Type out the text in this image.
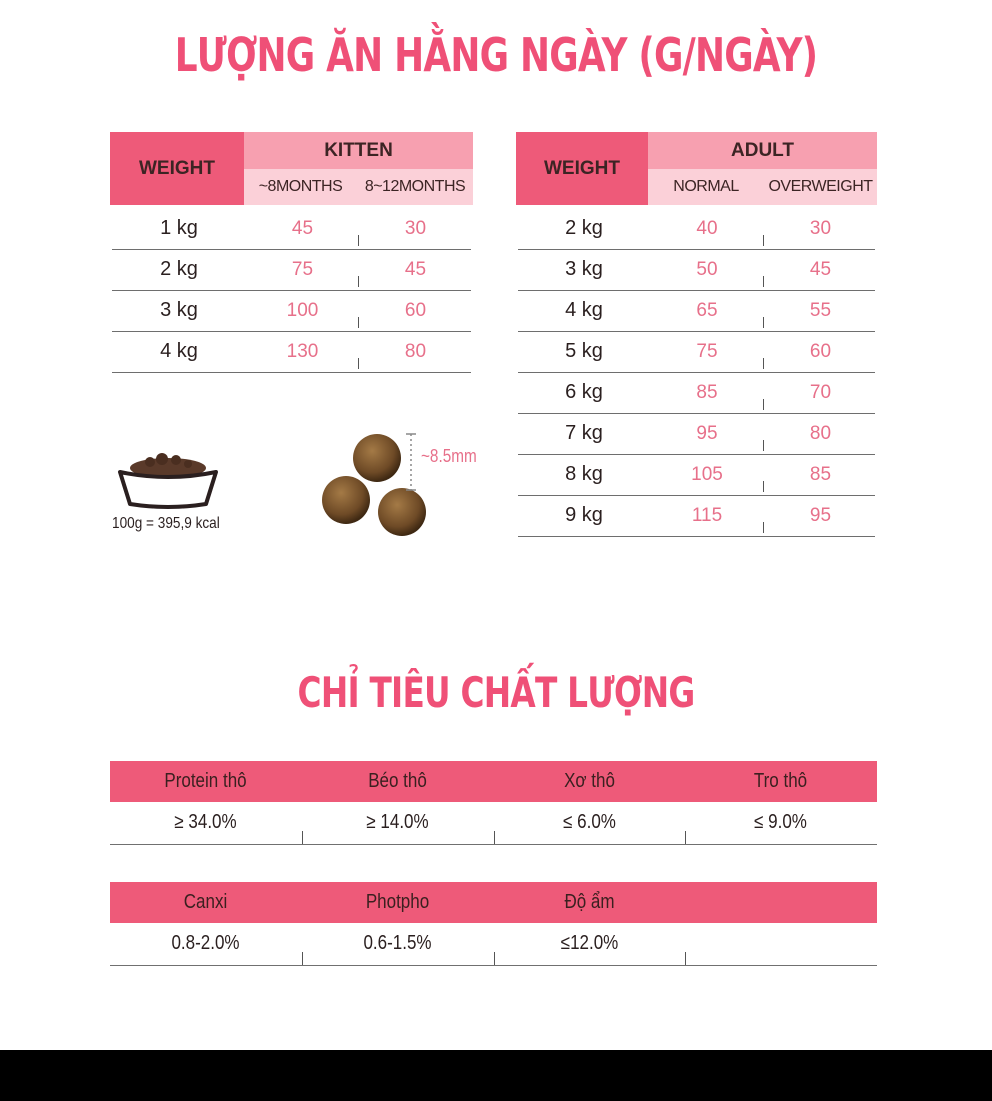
LƯỢNG ĂN HẰNG NGÀY (G/NGÀY)
WEIGHT
KITTEN
~8MONTHS	8~12MONTHS
1 kg	45	30
2 kg	75	45
3 kg	100	60
4 kg	130	80
WEIGHT
ADULT
NORMAL	OVERWEIGHT
2 kg	40	30
3 kg	50	45
4 kg	65	55
5 kg	75	60
6 kg	85	70
7 kg	95	80
8 kg	105	85
9 kg	115	95
100g = 395,9 kcal
~8.5mm
CHỈ TIÊU CHẤT LƯỢNG
Protein thô	Béo thô	Xơ thô	Tro thô
≥ 34.0%	≥ 14.0%	≤ 6.0%	≤ 9.0%
Canxi	Photpho	Độ ẩm
0.8-2.0%	0.6-1.5%	≤12.0%
